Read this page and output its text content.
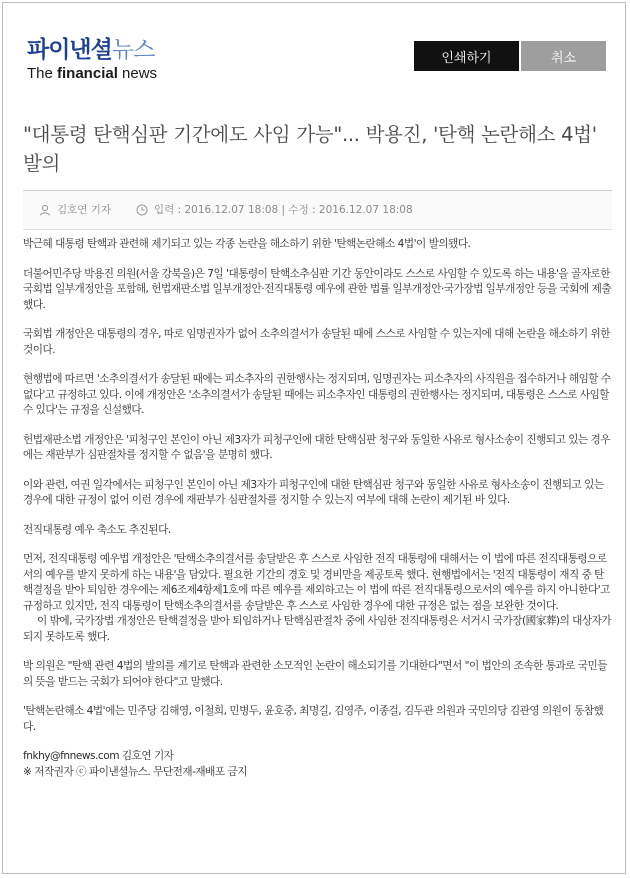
파이낸셜뉴스
The financial news
인쇄하기	취소
"대통령 탄핵심판 기간에도 사임 가능"... 박용진, '탄핵 논란해소 4법' 발의
김호연 기자	입력 : 2016.12.07 18:08 | 수정 : 2016.12.07 18:08

박근혜 대통령 탄핵과 관련해 제기되고 있는 각종 논란을 해소하기 위한 '탄핵논란해소 4법'이 발의됐다.

더불어민주당 박용진 의원(서울 강북을)은 7일 '대통령이 탄핵소추심판 기간 동안이라도 스스로 사임할 수 있도록 하는 내용'을 골자로한 국회법 일부개정안을 포함해, 헌법재판소법 일부개정안·전직대통령 예우에 관한 법률 일부개정안·국가장법 일부개정안 등을 국회에 제출했다.

국회법 개정안은 대통령의 경우, 따로 임명권자가 없어 소추의결서가 송달된 때에 스스로 사임할 수 있는지에 대해 논란을 해소하기 위한 것이다.

현행법에 따르면 '소추의결서가 송달된 때에는 피소추자의 권한행사는 정지되며, 임명권자는 피소추자의 사직원을 접수하거나 해임할 수 없다'고 규정하고 있다. 이에 개정안은 '소추의결서가 송달된 때에는 피소추자인 대통령의 권한행사는 정지되며, 대통령은 스스로 사임할 수 있다'는 규정을 신설했다.

헌법재판소법 개정안은 '피청구인 본인이 아닌 제3자가 피청구인에 대한 탄핵심판 청구와 동일한 사유로 형사소송이 진행되고 있는 경우에는 재판부가 심판절차를 정지할 수 없음'을 분명히 했다.

이와 관련, 여권 일각에서는 피청구인 본인이 아닌 제3자가 피청구인에 대한 탄핵심판 청구와 동일한 사유로 형사소송이 진행되고 있는 경우에 대한 규정이 없어 이런 경우에 재판부가 심판절차를 정지할 수 있는지 여부에 대해 논란이 제기된 바 있다.

전직대통령 예우 축소도 추진된다.

먼저, 전직대통령 예우법 개정안은 '탄핵소추의결서를 송달받은 후 스스로 사임한 전직 대통령에 대해서는 이 법에 따른 전직대통령으로서의 예우를 받지 못하게 하는 내용'을 담았다. 필요한 기간의 경호 및 경비만을 제공토록 했다. 현행법에서는 '전직 대통령이 재직 중 탄핵결정을 받아 퇴임한 경우에는 제6조제4항제1호에 따른 예우를 제외하고는 이 법에 따른 전직대통령으로서의 예우를 하지 아니한다'고 규정하고 있지만, 전직 대통령이 탄핵소추의결서를 송달받은 후 스스로 사임한 경우에 대한 규정은 없는 점을 보완한 것이다.

이 밖에, 국가장법 개정안은 탄핵결정을 받아 퇴임하거나 탄핵심판절차 중에 사임한 전직대통령은 서거시 국가장(國家葬)의 대상자가 되지 못하도록 했다.

박 의원은 "탄핵 관련 4법의 발의를 계기로 탄핵과 관련한 소모적인 논란이 해소되기를 기대한다"면서 "이 법안의 조속한 통과로 국민들의 뜻을 받드는 국회가 되어야 한다"고 말했다.

'탄핵논란해소 4법'에는 민주당 김해영, 이철희, 민병두, 윤호중, 최명길, 김영주, 이종걸, 김두관 의원과 국민의당 김관영 의원이 동참했다.

fnkhy@fnnews.com 김호연 기자
※ 저작권자 ⓒ 파이낸셜뉴스. 무단전재-재배포 금지
